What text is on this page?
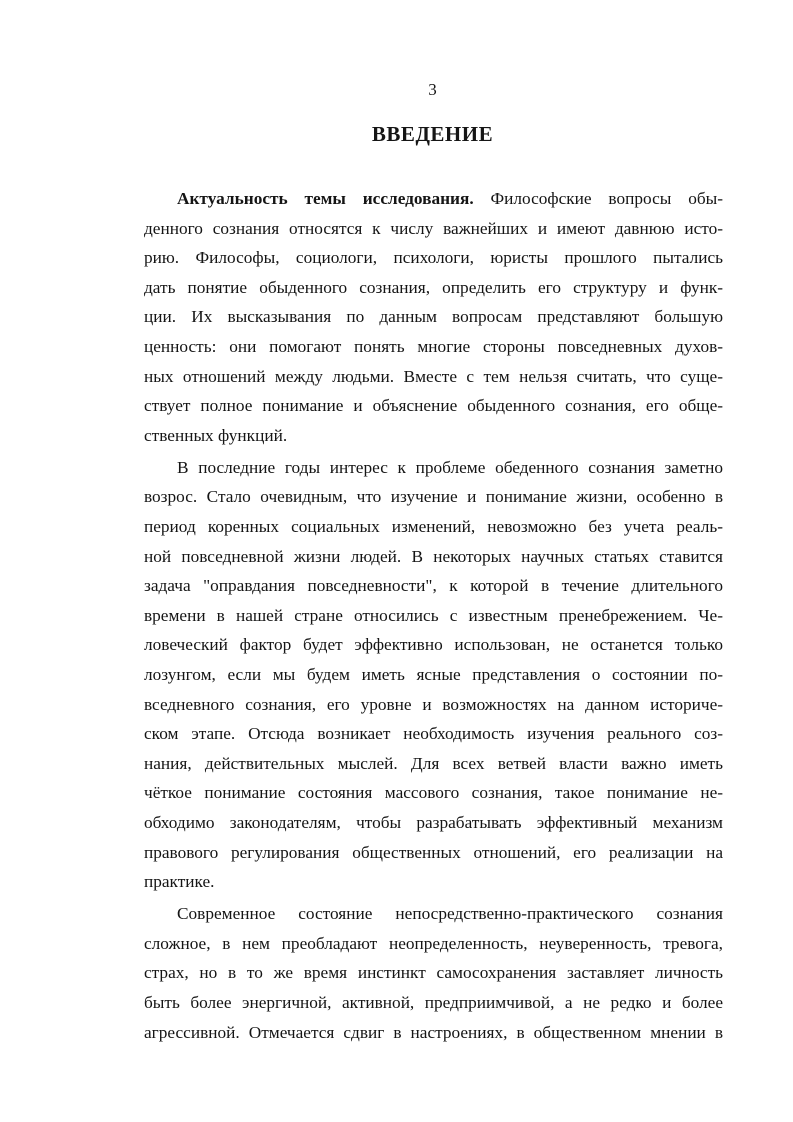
3
ВВЕДЕНИЕ
Актуальность темы исследования. Философские вопросы обы-
денного сознания относятся к числу важнейших и имеют давнюю исто-
рию. Философы, социологи, психологи, юристы прошлого пытались
дать понятие обыденного сознания, определить его структуру и функ-
ции. Их высказывания по данным вопросам представляют большую
ценность: они помогают понять многие стороны повседневных духов-
ных отношений между людьми. Вместе с тем нельзя считать, что суще-
ствует полное понимание и объяснение обыденного сознания, его обще-
ственных функций.
В последние годы интерес к проблеме обеденного сознания заметно
возрос. Стало очевидным, что изучение и понимание жизни, особенно в
период коренных социальных изменений, невозможно без учета реаль-
ной повседневной жизни людей. В некоторых научных статьях ставится
задача "оправдания повседневности", к которой в течение длительного
времени в нашей стране относились с известным пренебрежением. Че-
ловеческий фактор будет эффективно использован, не останется только
лозунгом, если мы будем иметь ясные представления о состоянии по-
вседневного сознания, его уровне и возможностях на данном историче-
ском этапе. Отсюда возникает необходимость изучения реального соз-
нания, действительных мыслей. Для всех ветвей власти важно иметь
чёткое понимание состояния массового сознания, такое понимание не-
обходимо законодателям, чтобы разрабатывать эффективный механизм
правового регулирования общественных отношений, его реализации на
практике.
Современное состояние непосредственно-практического сознания
сложное, в нем преобладают неопределенность, неуверенность, тревога,
страх, но в то же время инстинкт самосохранения заставляет личность
быть более энергичной, активной, предприимчивой, а не редко и более
агрессивной. Отмечается сдвиг в настроениях, в общественном мнении в
